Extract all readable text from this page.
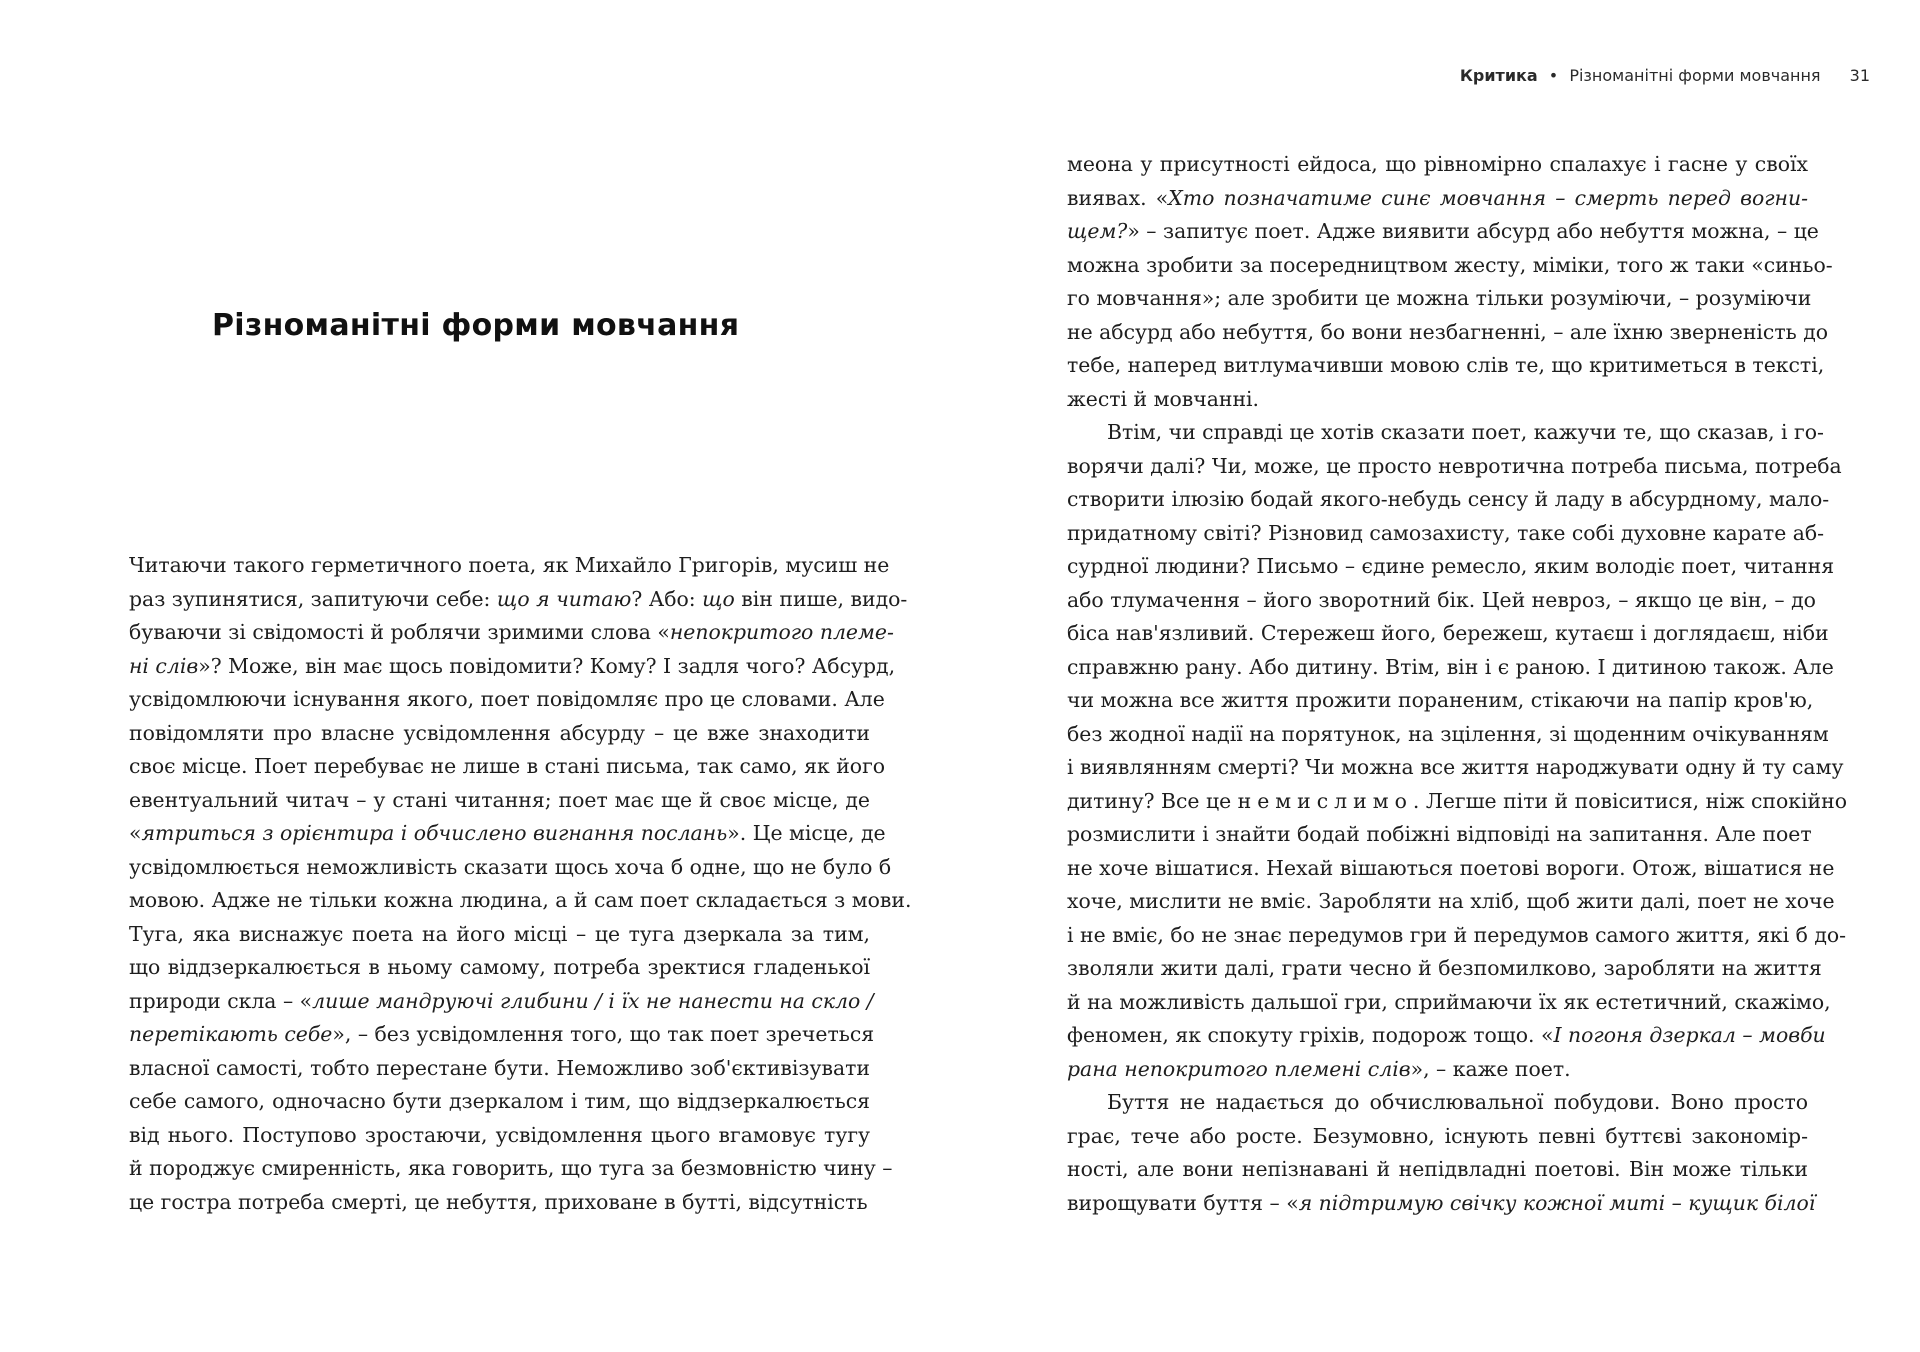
Різноманітні форми мовчання
Читаючи такого герметичного поета, як Михайло Григорів, мусиш не
раз зупинятися, запитуючи себе: що я читаю? Або: що він пише, видо-
буваючи зі свідомості й роблячи зримими слова «непокритого племе-
ні слів»? Може, він має щось повідомити? Кому? І задля чого? Абсурд,
усвідомлюючи існування якого, поет повідомляє про це словами. Але
повідомляти про власне усвідомлення абсурду – це вже знаходити
своє місце. Поет перебуває не лише в стані письма, так само, як його
евентуальний читач – у стані читання; поет має ще й своє місце, де
«ятриться з орієнтира і обчислено вигнання послань». Це місце, де
усвідомлюється неможливість сказати щось хоча б одне, що не було б
мовою. Адже не тільки кожна людина, а й сам поет складається з мови.
Туга, яка виснажує поета на його місці – це туга дзеркала за тим,
що віддзеркалюється в ньому самому, потреба зректися гладенької
природи скла – «лише мандруючі глибини / і їх не нанести на скло /
перетікають себе», – без усвідомлення того, що так поет зречеться
власної самості, тобто перестане бути. Неможливо зоб'єктивізувати
себе самого, одночасно бути дзеркалом і тим, що віддзеркалюється
від нього. Поступово зростаючи, усвідомлення цього вгамовує тугу
й породжує смиренність, яка говорить, що туга за безмовністю чину –
це гостра потреба смерті, це небуття, приховане в бутті, відсутність
Критика • Різноманітні форми мовчання 31
меона у присутності ейдоса, що рівномірно спалахує і гасне у своїх
виявах. «Хто позначатиме синє мовчання – смерть перед вогни-
щем?» – запитує поет. Адже виявити абсурд або небуття можна, – це
можна зробити за посередництвом жесту, міміки, того ж таки «синьо-
го мовчання»; але зробити це можна тільки розуміючи, – розуміючи
не абсурд або небуття, бо вони незбагненні, – але їхню зверненість до
тебе, наперед витлумачивши мовою слів те, що критиметься в тексті,
жесті й мовчанні.
Втім, чи справді це хотів сказати поет, кажучи те, що сказав, і го-
ворячи далі? Чи, може, це просто невротична потреба письма, потреба
створити ілюзію бодай якого-небудь сенсу й ладу в абсурдному, мало-
придатному світі? Різновид самозахисту, таке собі духовне карате аб-
сурдної людини? Письмо – єдине ремесло, яким володіє поет, читання
або тлумачення – його зворотний бік. Цей невроз, – якщо це він, – до
біса нав'язливий. Стережеш його, бережеш, кутаєш і доглядаєш, ніби
справжню рану. Або дитину. Втім, він і є раною. І дитиною також. Але
чи можна все життя прожити пораненим, стікаючи на папір кров'ю,
без жодної надії на порятунок, на зцілення, зі щоденним очікуванням
і виявлянням смерті? Чи можна все життя народжувати одну й ту саму
дитину? Все це немислимо. Легше піти й повіситися, ніж спокійно
розмислити і знайти бодай побіжні відповіді на запитання. Але поет
не хоче вішатися. Нехай вішаються поетові вороги. Отож, вішатися не
хоче, мислити не вміє. Заробляти на хліб, щоб жити далі, поет не хоче
і не вміє, бо не знає передумов гри й передумов самого життя, які б до-
зволяли жити далі, грати чесно й безпомилково, заробляти на життя
й на можливість дальшої гри, сприймаючи їх як естетичний, скажімо,
феномен, як спокуту гріхів, подорож тощо. «І погоня дзеркал – мовби
рана непокритого племені слів», – каже поет.
Буття не надається до обчислювальної побудови. Воно просто
грає, тече або росте. Безумовно, існують певні буттєві закономір-
ності, але вони непізнавані й непідвладні поетові. Він може тільки
вирощувати буття – «я підтримую свічку кожної миті – кущик білої
